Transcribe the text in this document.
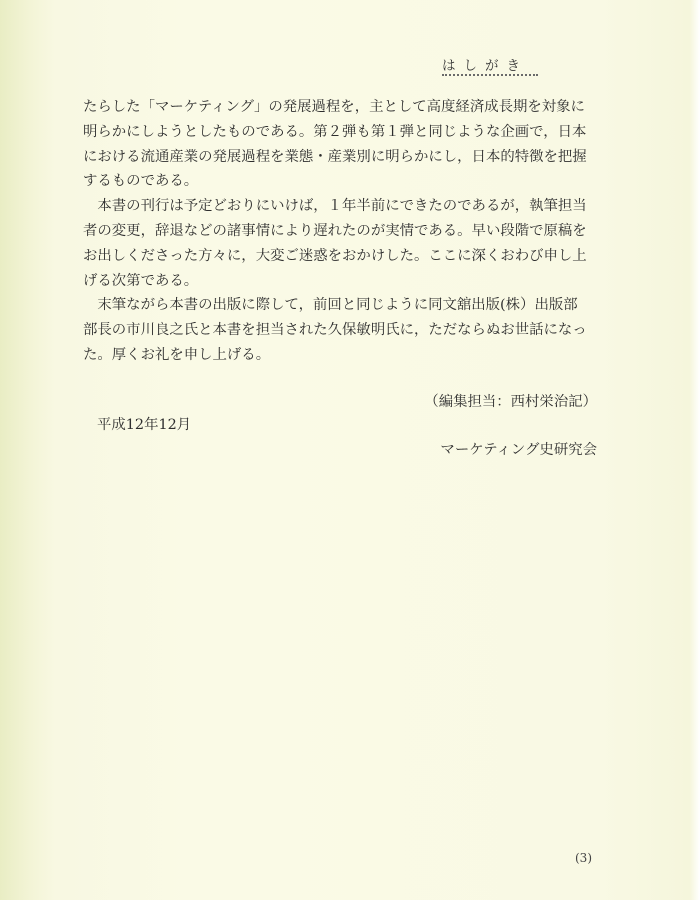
はしがき

たらした「マーケティング」の発展過程を，主として高度経済成長期を対象に
明らかにしようとしたものである。第２弾も第１弾と同じような企画で，日本
における流通産業の発展過程を業態・産業別に明らかにし，日本的特徴を把握
するものである。

本書の刊行は予定どおりにいけば，１年半前にできたのであるが，執筆担当
者の変更，辞退などの諸事情により遅れたのが実情である。早い段階で原稿を
お出しくださった方々に，大変ご迷惑をおかけした。ここに深くおわび申し上
げる次第である。

末筆ながら本書の出版に際して，前回と同じように同文舘出版(株）出版部
部長の市川良之氏と本書を担当された久保敏明氏に，ただならぬお世話になっ
た。厚くお礼を申し上げる。

（編集担当：西村栄治記）
平成12年12月
マーケティング史研究会
(3)
